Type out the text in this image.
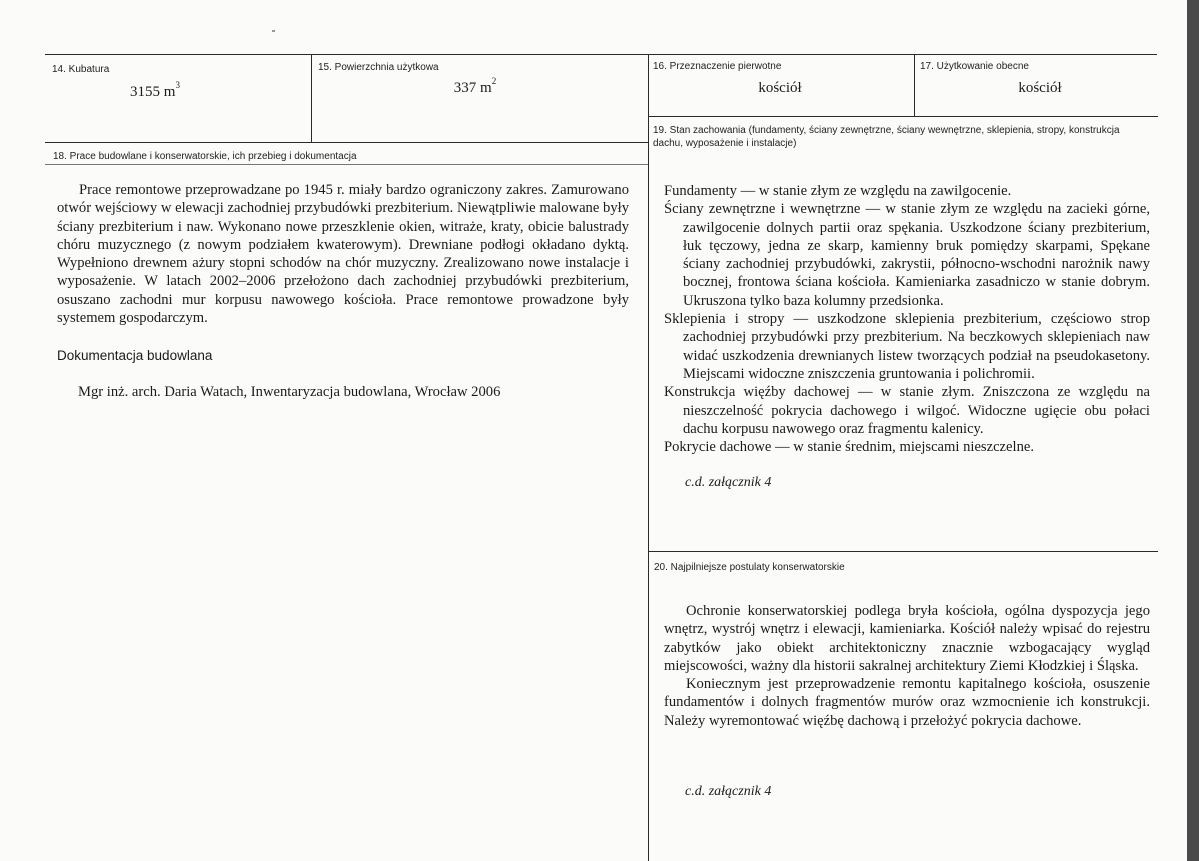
14. Kubatura
3155 $m^3$
15. Powierzchnia użytkowa
337 $m^2$
16. Przeznaczenie pierwotne
kościół
17. Użytkowanie obecne
kościół
18. Prace budowlane i konserwatorskie, ich przebieg i dokumentacja

Prace remontowe przeprowadzane po 1945 r. miały bardzo ograniczony zakres. Zamurowano otwór wejściowy w elewacji zachodniej przybudówki prezbiterium. Niewątpliwie malowane były ściany prezbiterium i naw. Wykonano nowe przeszklenie okien, witraże, kraty, obicie balustrady chóru muzycznego (z nowym podziałem kwaterowym). Drewniane podłogi okładano dyktą. Wypełniono drewnem ażury stopni schodów na chór muzyczny. Zrealizowano nowe instalacje i wyposażenie. W latach 2002–2006 przełożono dach zachodniej przybudówki prezbiterium, osuszano zachodni mur korpusu nawowego kościoła. Prace remontowe prowadzone były systemem gospodarczym.

Dokumentacja budowlana
Mgr inż. arch. Daria Watach, Inwentaryzacja budowlana, Wrocław 2006
19. Stan zachowania (fundamenty, ściany zewnętrzne, ściany wewnętrzne, sklepienia, stropy, konstrukcja dachu, wyposażenie i instalacje)

Fundamenty — w stanie złym ze względu na zawilgocenie.

Ściany zewnętrzne i wewnętrzne — w stanie złym ze względu na zacieki górne, zawilgocenie dolnych partii oraz spękania. Uszkodzone ściany prezbiterium, łuk tęczowy, jedna ze skarp, kamienny bruk pomiędzy skarpami, Spękane ściany zachodniej przybudówki, zakrystii, północno-wschodni narożnik nawy bocznej, frontowa ściana kościoła. Kamieniarka zasadniczo w stanie dobrym. Ukruszona tylko baza kolumny przedsionka.

Sklepienia i stropy — uszkodzone sklepienia prezbiterium, częściowo strop zachodniej przybudówki przy prezbiterium. Na beczkowych sklepieniach naw widać uszkodzenia drewnianych listew tworzących podział na pseudokasetony. Miejscami widoczne zniszczenia gruntowania i polichromii.

Konstrukcja więźby dachowej — w stanie złym. Zniszczona ze względu na nieszczelność pokrycia dachowego i wilgoć. Widoczne ugięcie obu połaci dachu korpusu nawowego oraz fragmentu kalenicy.

Pokrycie dachowe — w stanie średnim, miejscami nieszczelne.

c.d. załącznik 4
20. Najpilniejsze postulaty konserwatorskie

Ochronie konserwatorskiej podlega bryła kościoła, ogólna dyspozycja jego wnętrz, wystrój wnętrz i elewacji, kamieniarka. Kościół należy wpisać do rejestru zabytków jako obiekt architektoniczny znacznie wzbogacający wygląd miejscowości, ważny dla historii sakralnej architektury Ziemi Kłodzkiej i Śląska.

Koniecznym jest przeprowadzenie remontu kapitalnego kościoła, osuszenie fundamentów i dolnych fragmentów murów oraz wzmocnienie ich konstrukcji. Należy wyremontować więźbę dachową i przełożyć pokrycia dachowe.

c.d. załącznik 4
